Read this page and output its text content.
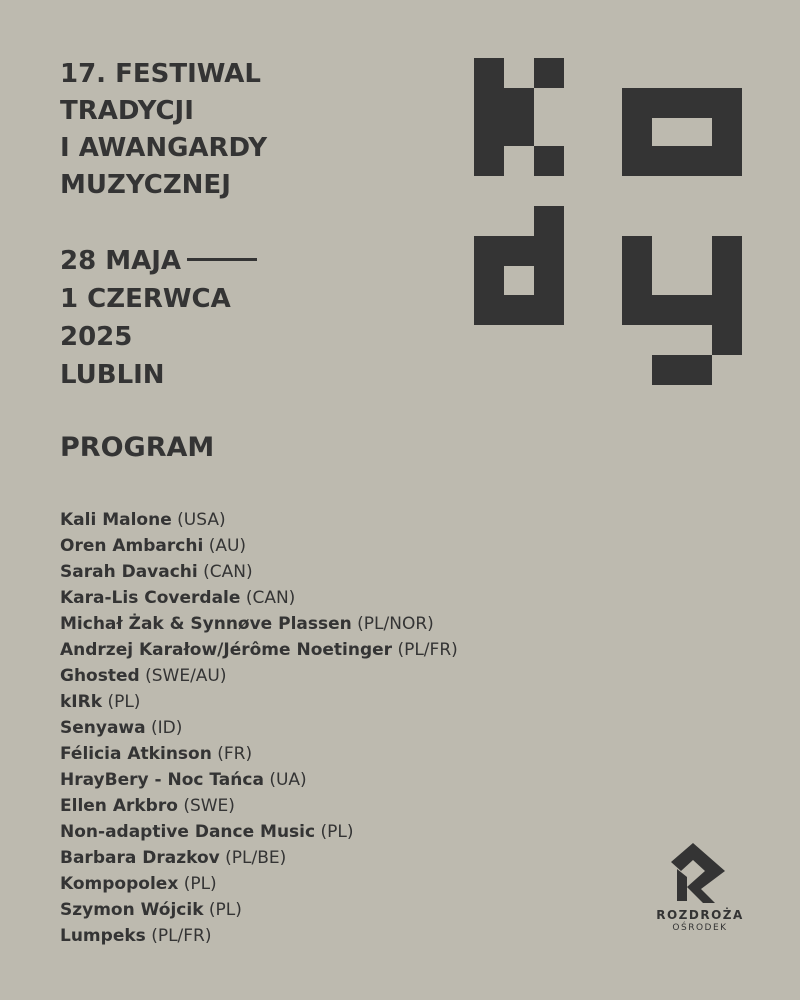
17. FESTIWAL
TRADYCJI
I AWANGARDY
MUZYCZNEJ
28 MAJA
1 CZERWCA
2025
LUBLIN
PROGRAM
Kali Malone (USA)
Oren Ambarchi (AU)
Sarah Davachi (CAN)
Kara-Lis Coverdale (CAN)
Michał Żak & Synnøve Plassen (PL/NOR)
Andrzej Karałow/Jérôme Noetinger (PL/FR)
Ghosted (SWE/AU)
kIRk (PL)
Senyawa (ID)
Félicia Atkinson (FR)
HrayBery - Noc Tańca (UA)
Ellen Arkbro (SWE)
Non-adaptive Dance Music (PL)
Barbara Drazkov (PL/BE)
Kompopolex (PL)
Szymon Wójcik (PL)
Lumpeks (PL/FR)
ROZDROŻA
OŚRODEK
